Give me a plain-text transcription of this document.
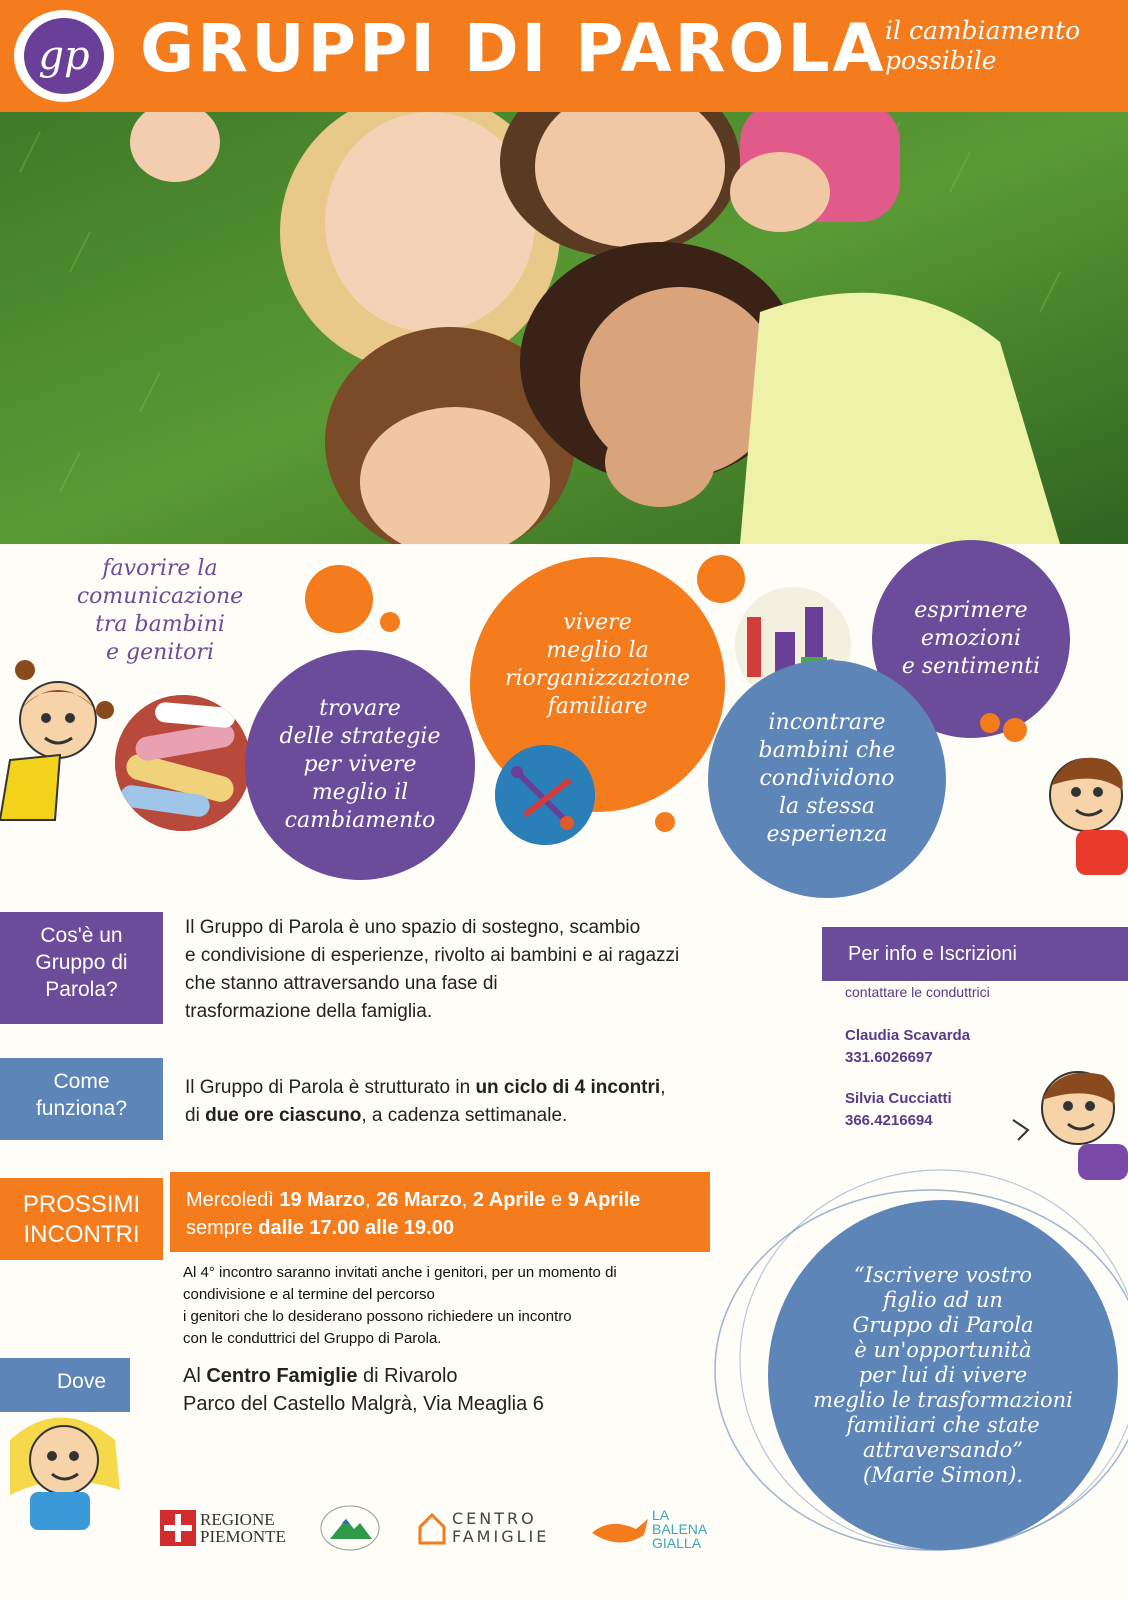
gp GRUPPI DI PAROLA
il cambiamento
possibile
favorire la
comunicazione
tra bambini
e genitori
trovare
delle strategie
per vivere
meglio il
cambiamento
vivere
meglio la
riorganizzazione
familiare
esprimere
emozioni
e sentimenti
incontrare
bambini che
condividono
la stessa
esperienza
Cos'è un
Gruppo di
Parola?
Il Gruppo di Parola è uno spazio di sostegno, scambio
e condivisione di esperienze, rivolto ai bambini e ai ragazzi
che stanno attraversando una fase di
trasformazione della famiglia.
Come
funziona?
Il Gruppo di Parola è strutturato in un ciclo di 4 incontri,
di due ore ciascuno, a cadenza settimanale.
PROSSIMI
INCONTRI
Mercoledì 19 Marzo, 26 Marzo, 2 Aprile e 9 Aprile
sempre dalle 17.00 alle 19.00
Al 4° incontro saranno invitati anche i genitori, per un momento di
condivisione e al termine del percorso
i genitori che lo desiderano possono richiedere un incontro
con le conduttrici del Gruppo di Parola.
Dove	Al Centro Famiglie di Rivarolo
Parco del Castello Malgrà, Via Meaglia 6
Per info e Iscrizioni
contattare le conduttrici
Claudia Scavarda
331.6026697
Silvia Cucciatti
366.4216694
“Iscrivere vostro
figlio ad un
Gruppo di Parola
è un'opportunità
per lui di vivere
meglio le trasformazioni
familiari che state
attraversando”
(Marie Simon).
REGIONE
PIEMONTE
CENTRO
FAMIGLIE
LA
BALENA
GIALLA
